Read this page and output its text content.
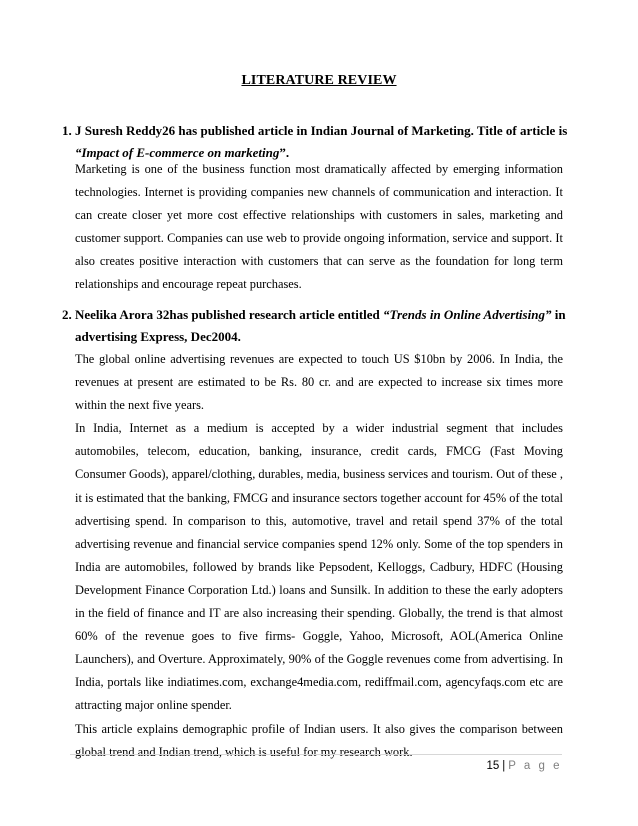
LITERATURE REVIEW
1. J Suresh Reddy26 has published article in Indian Journal of Marketing. Title of article is
“Impact of E-commerce on marketing”.

Marketing is one of the business function most dramatically affected by emerging information technologies. Internet is providing companies new channels of communication and interaction. It can create closer yet more cost effective relationships with customers in sales, marketing and customer support. Companies can use web to provide ongoing information, service and support. It also creates positive interaction with customers that can serve as the foundation for long term relationships and encourage repeat purchases.

2. Neelika Arora 32has published research article entitled “Trends in Online Advertising” in
advertising Express, Dec2004.

The global online advertising revenues are expected to touch US $10bn by 2006. In India, the revenues at present are estimated to be Rs. 80 cr. and are expected to increase six times more within the next five years.

In India, Internet as a medium is accepted by a wider industrial segment that includes automobiles, telecom, education, banking, insurance, credit cards, FMCG (Fast Moving Consumer Goods), apparel/clothing, durables, media, business services and tourism. Out of these , it is estimated that the banking, FMCG and insurance sectors together account for 45% of the total advertising spend. In comparison to this, automotive, travel and retail spend 37% of the total advertising revenue and financial service companies spend 12% only. Some of the top spenders in India are automobiles, followed by brands like Pepsodent, Kelloggs, Cadbury, HDFC (Housing Development Finance Corporation Ltd.) loans and Sunsilk. In addition to these the early adopters in the field of finance and IT are also increasing their spending. Globally, the trend is that almost 60% of the revenue goes to five firms- Goggle, Yahoo, Microsoft, AOL(America Online Launchers), and Overture. Approximately, 90% of the Goggle revenues come from advertising. In India, portals like indiatimes.com, exchange4media.com, rediffmail.com, agencyfaqs.com etc are attracting major online spender.

This article explains demographic profile of Indian users. It also gives the comparison between global trend and Indian trend, which is useful for my research work.

15 | P a g e
